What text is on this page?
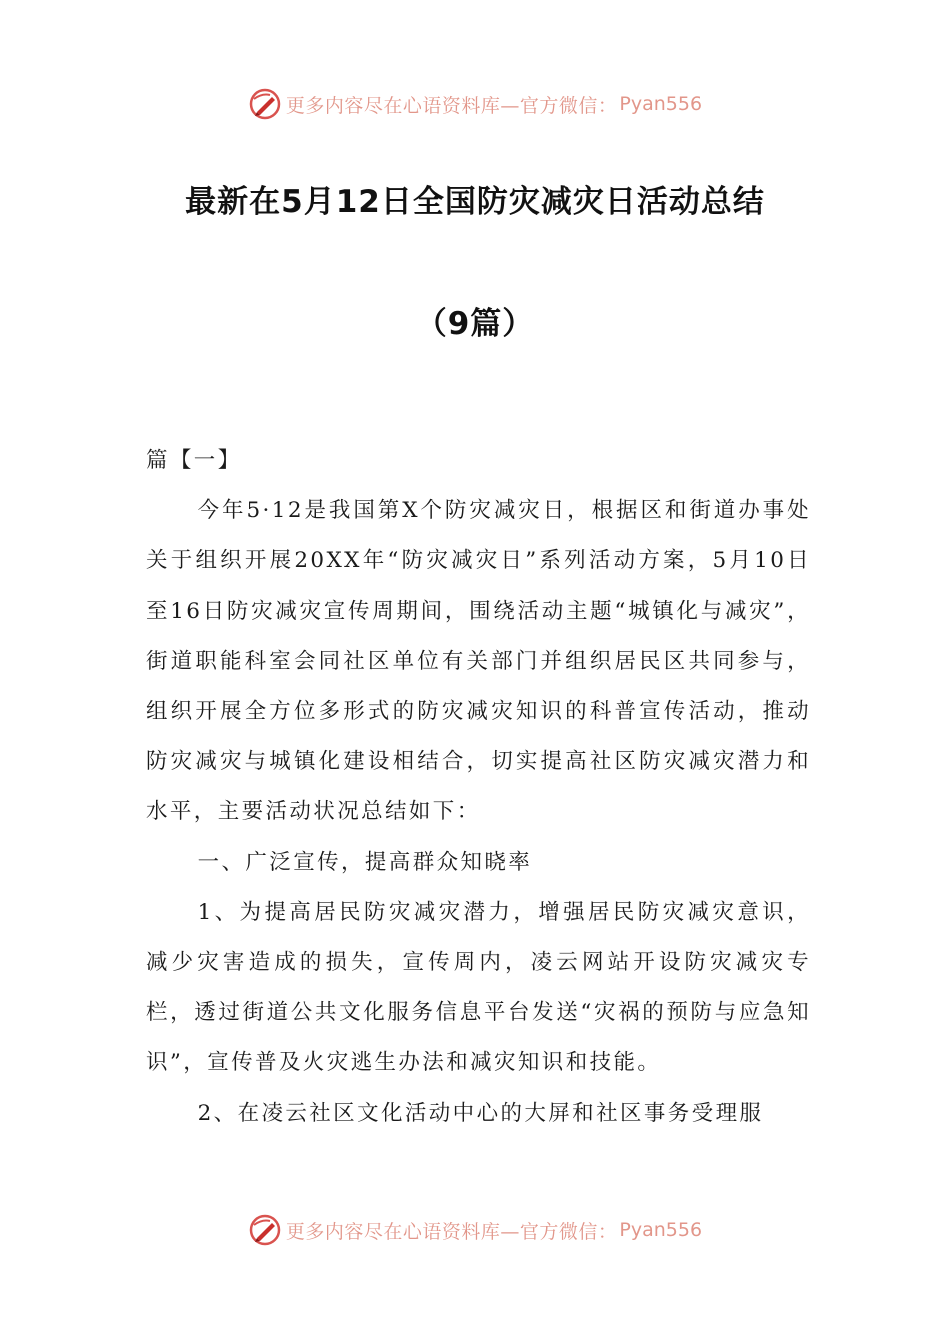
更多内容尽在心语资料库—官方微信： Pyan556
最新在5月12日全国防灾减灾日活动总结
（9篇）

篇【一】

今年5·12是我国第X个防灾减灾日，根据区和街道办事处关于组织开展20XX年“防灾减灾日”系列活动方案，5月10日至16日防灾减灾宣传周期间，围绕活动主题“城镇化与减灾”，街道职能科室会同社区单位有关部门并组织居民区共同参与，组织开展全方位多形式的防灾减灾知识的科普宣传活动，推动防灾减灾与城镇化建设相结合，切实提高社区防灾减灾潜力和水平，主要活动状况总结如下：

一、广泛宣传，提高群众知晓率

1、为提高居民防灾减灾潜力，增强居民防灾减灾意识，减少灾害造成的损失，宣传周内，凌云网站开设防灾减灾专栏，透过街道公共文化服务信息平台发送“灾祸的预防与应急知识”，宣传普及火灾逃生办法和减灾知识和技能。

2、在凌云社区文化活动中心的大屏和社区事务受理服

更多内容尽在心语资料库—官方微信： Pyan556
